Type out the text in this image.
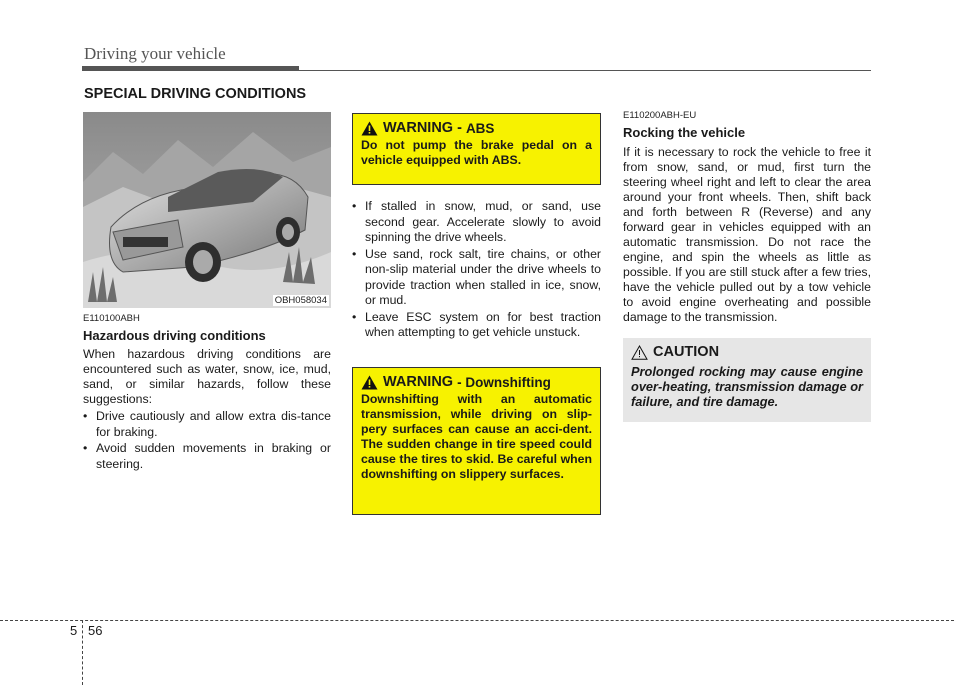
Driving your vehicle
SPECIAL DRIVING CONDITIONS
OBH058034
E110100ABH
Hazardous driving conditions
When hazardous driving conditions are encountered such as water, snow, ice, mud, sand, or similar hazards, follow these suggestions:
• Drive cautiously and allow extra dis-tance for braking.
• Avoid sudden movements in braking or steering.
WARNING - ABS
Do not pump the brake pedal on a vehicle equipped with ABS.
• If stalled in snow, mud, or sand, use second gear. Accelerate slowly to avoid spinning the drive wheels.
• Use sand, rock salt, tire chains, or other non-slip material under the drive wheels to provide traction when stalled in ice, snow, or mud.
• Leave ESC system on for best traction when attempting to get vehicle unstuck.
WARNING - Downshifting
Downshifting with an automatic transmission, while driving on slip-pery surfaces can cause an acci-dent. The sudden change in tire speed could cause the tires to skid. Be careful when downshifting on slippery surfaces.
E110200ABH-EU
Rocking the vehicle
If it is necessary to rock the vehicle to free it from snow, sand, or mud, first turn the steering wheel right and left to clear the area around your front wheels. Then, shift back and forth between R (Reverse) and any forward gear in vehicles equipped with an automatic transmission. Do not race the engine, and spin the wheels as little as possible. If you are still stuck after a few tries, have the vehicle pulled out by a tow vehicle to avoid engine overheating and possible damage to the transmission.
CAUTION
Prolonged rocking may cause engine over-heating, transmission damage or failure, and tire damage.
5 56
